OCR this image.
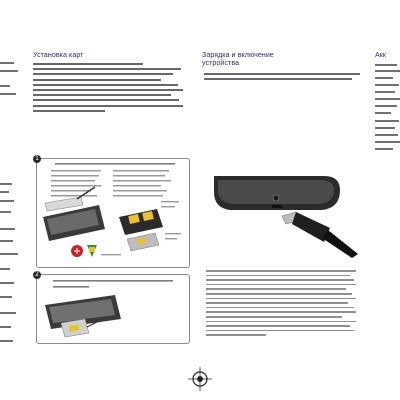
Установка карт
1
2
Зарядка и включение
устройства
Акк
